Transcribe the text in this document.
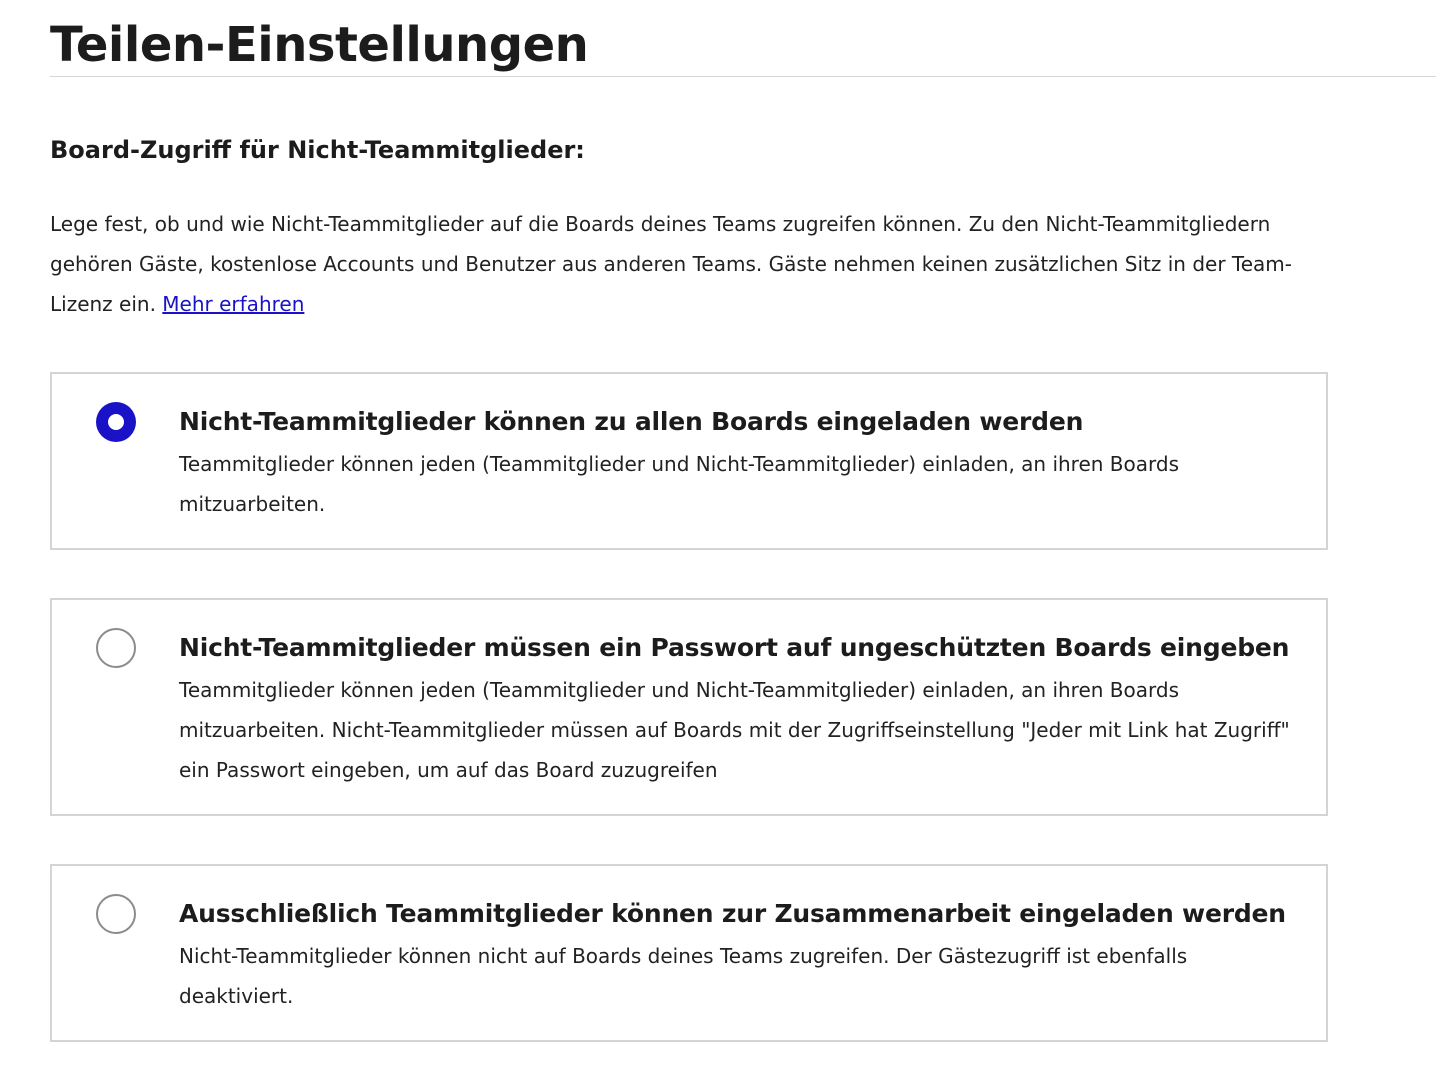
Teilen-Einstellungen
Board-Zugriff für Nicht-Teammitglieder:

Lege fest, ob und wie Nicht-Teammitglieder auf die Boards deines Teams zugreifen können. Zu den Nicht-Teammitgliedern gehören Gäste, kostenlose Accounts und Benutzer aus anderen Teams. Gäste nehmen keinen zusätzlichen Sitz in der Team-Lizenz ein. Mehr erfahren

Nicht-Teammitglieder können zu allen Boards eingeladen werden
Teammitglieder können jeden (Teammitglieder und Nicht-Teammitglieder) einladen, an ihren Boards mitzuarbeiten.
Nicht-Teammitglieder müssen ein Passwort auf ungeschützten Boards eingeben
Teammitglieder können jeden (Teammitglieder und Nicht-Teammitglieder) einladen, an ihren Boards mitzuarbeiten. Nicht-Teammitglieder müssen auf Boards mit der Zugriffseinstellung "Jeder mit Link hat Zugriff" ein Passwort eingeben, um auf das Board zuzugreifen
Ausschließlich Teammitglieder können zur Zusammenarbeit eingeladen werden
Nicht-Teammitglieder können nicht auf Boards deines Teams zugreifen. Der Gästezugriff ist ebenfalls deaktiviert.
